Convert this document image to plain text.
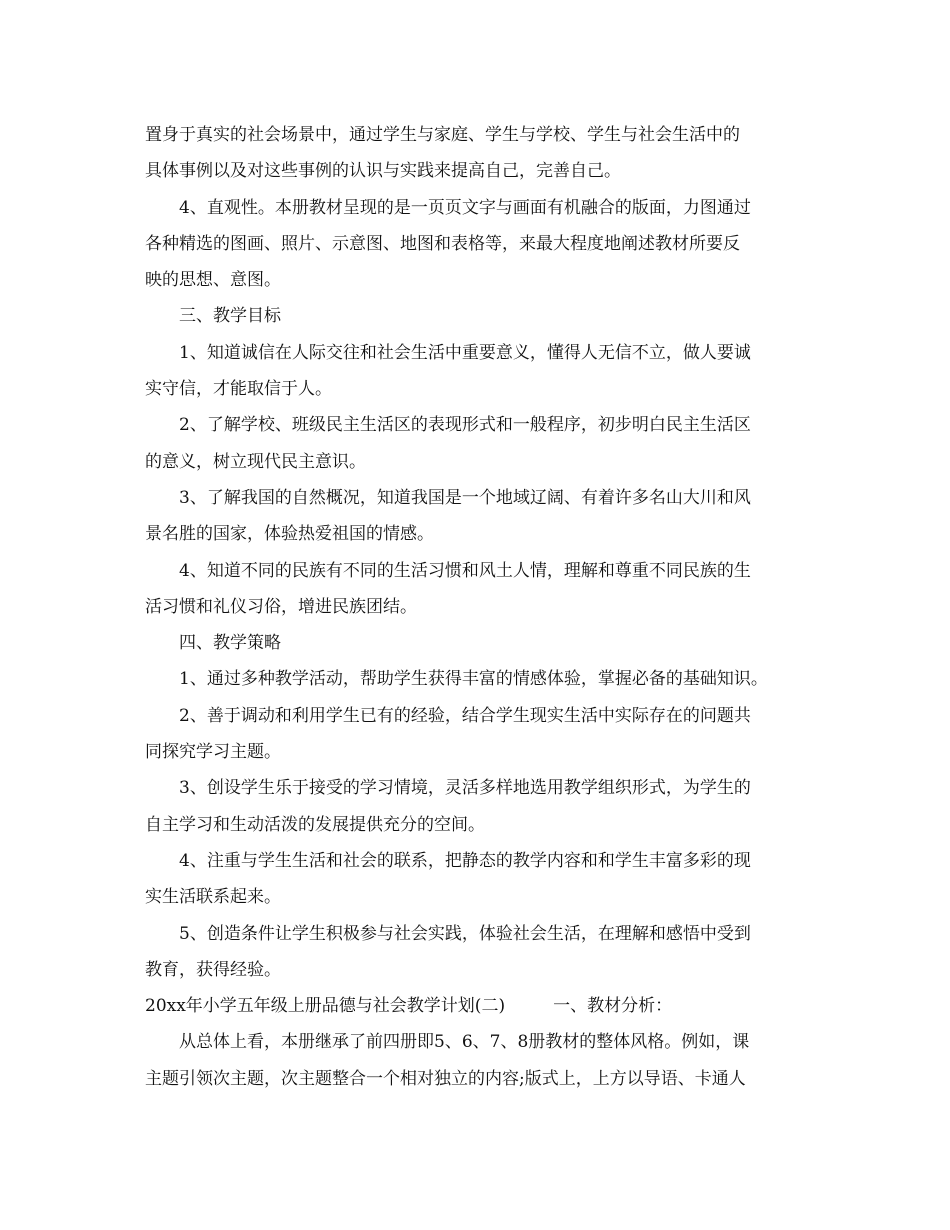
置身于真实的社会场景中，通过学生与家庭、学生与学校、学生与社会生活中的

具体事例以及对这些事例的认识与实践来提高自己，完善自己。

4、直观性。本册教材呈现的是一页页文字与画面有机融合的版面，力图通过

各种精选的图画、照片、示意图、地图和表格等，来最大程度地阐述教材所要反

映的思想、意图。

三、教学目标

1、知道诚信在人际交往和社会生活中重要意义，懂得人无信不立，做人要诚

实守信，才能取信于人。

2、了解学校、班级民主生活区的表现形式和一般程序，初步明白民主生活区

的意义，树立现代民主意识。

3、了解我国的自然概况，知道我国是一个地域辽阔、有着许多名山大川和风

景名胜的国家，体验热爱祖国的情感。

4、知道不同的民族有不同的生活习惯和风土人情，理解和尊重不同民族的生

活习惯和礼仪习俗，增进民族团结。

四、教学策略

1、通过多种教学活动，帮助学生获得丰富的情感体验，掌握必备的基础知识。

2、善于调动和利用学生已有的经验，结合学生现实生活中实际存在的问题共

同探究学习主题。

3、创设学生乐于接受的学习情境，灵活多样地选用教学组织形式，为学生的

自主学习和生动活泼的发展提供充分的空间。

4、注重与学生生活和社会的联系，把静态的教学内容和和学生丰富多彩的现

实生活联系起来。

5、创造条件让学生积极参与社会实践，体验社会生活，在理解和感悟中受到

教育，获得经验。

20xx年小学五年级上册品德与社会教学计划(二)	一、教材分析：

从总体上看，本册继承了前四册即5、6、7、8册教材的整体风格。例如，课

主题引领次主题，次主题整合一个相对独立的内容;版式上，上方以导语、卡通人
